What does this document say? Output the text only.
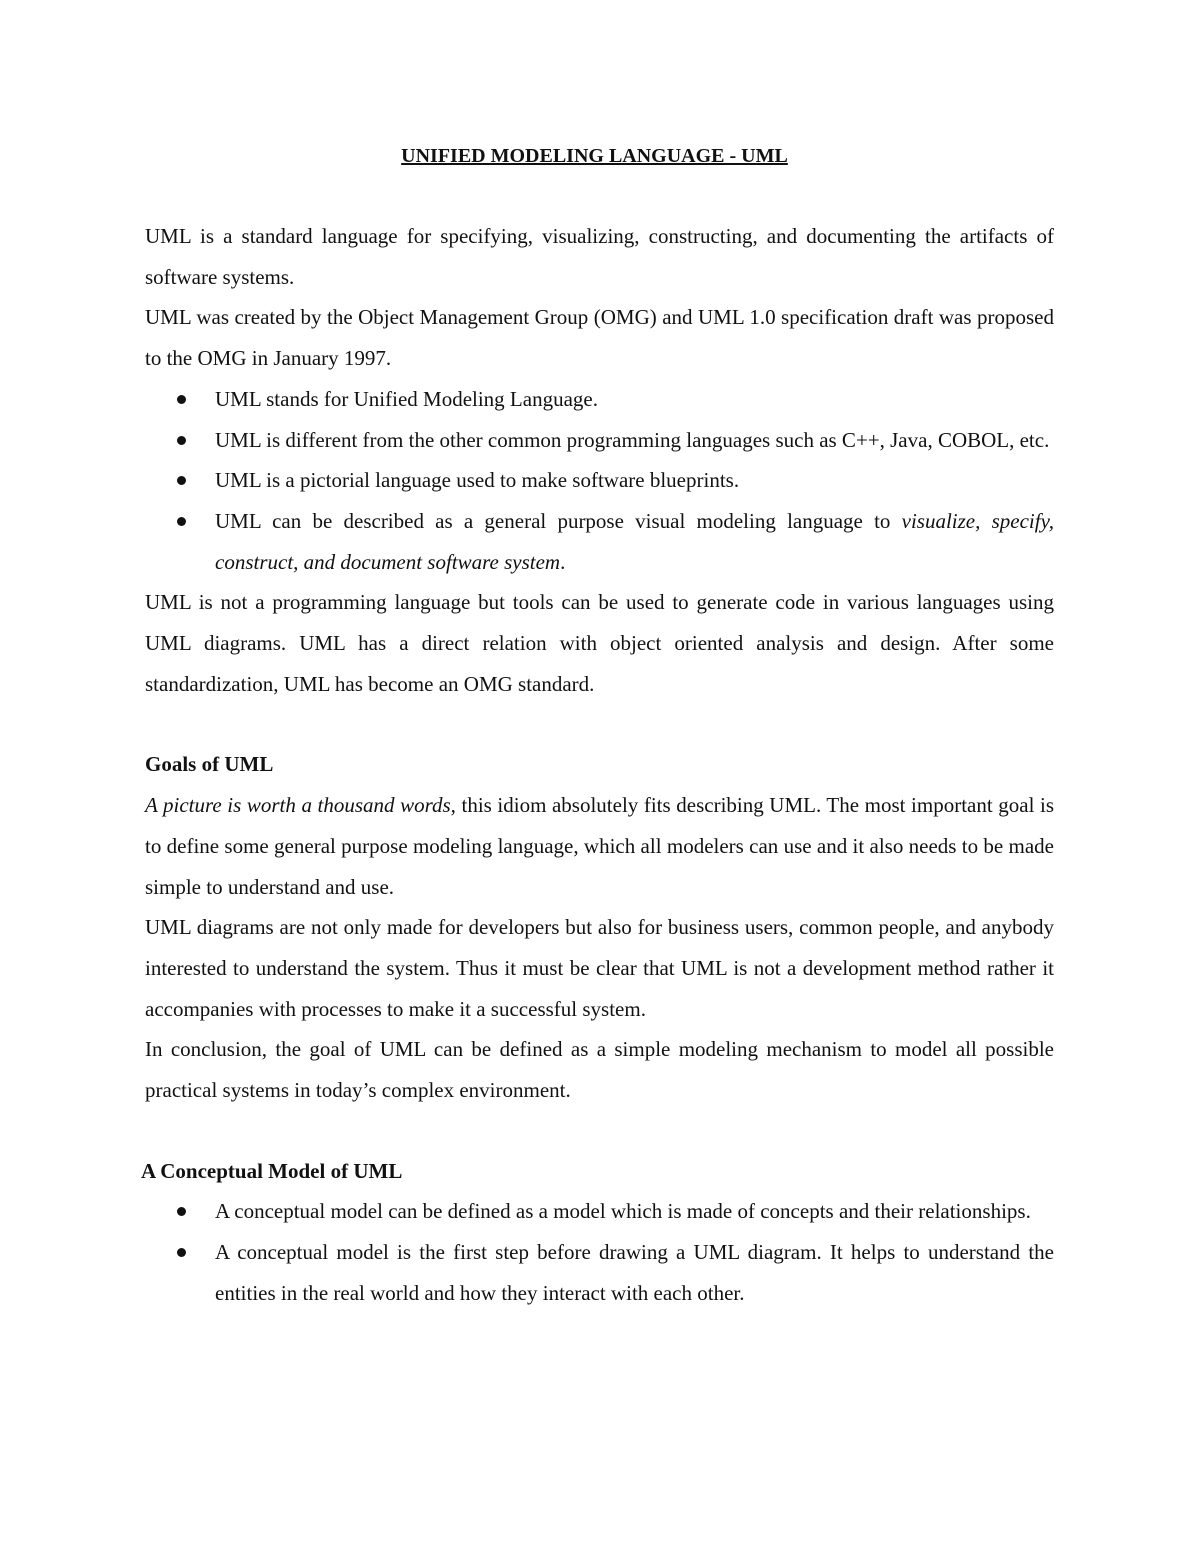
UNIFIED MODELING LANGUAGE - UML

UML is a standard language for specifying, visualizing, constructing, and documenting the artifacts of software systems.

UML was created by the Object Management Group (OMG) and UML 1.0 specification draft was proposed to the OMG in January 1997.

UML stands for Unified Modeling Language.
UML is different from the other common programming languages such as C++, Java, COBOL, etc.
UML is a pictorial language used to make software blueprints.
UML can be described as a general purpose visual modeling language to visualize, specify, construct, and document software system.

UML is not a programming language but tools can be used to generate code in various languages using UML diagrams. UML has a direct relation with object oriented analysis and design. After some standardization, UML has become an OMG standard.

Goals of UML

A picture is worth a thousand words, this idiom absolutely fits describing UML. The most important goal is to define some general purpose modeling language, which all modelers can use and it also needs to be made simple to understand and use.

UML diagrams are not only made for developers but also for business users, common people, and anybody interested to understand the system. Thus it must be clear that UML is not a development method rather it accompanies with processes to make it a successful system.

In conclusion, the goal of UML can be defined as a simple modeling mechanism to model all possible practical systems in today’s complex environment.

A Conceptual Model of UML
A conceptual model can be defined as a model which is made of concepts and their relationships.
A conceptual model is the first step before drawing a UML diagram. It helps to understand the entities in the real world and how they interact with each other.
